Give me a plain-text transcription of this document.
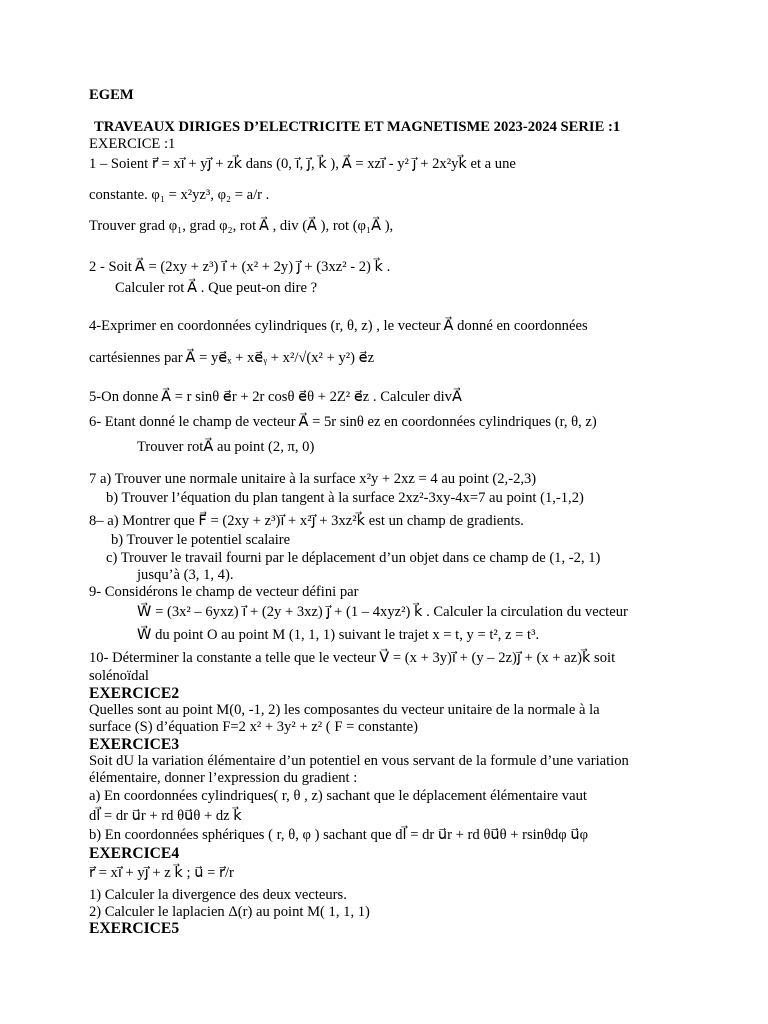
EGEM
TRAVEAUX DIRIGES D’ELECTRICITE ET MAGNETISME 2023-2024 SERIE :1
EXERCICE :1
1 – Soient r⃗ = xi⃗ + yj⃗ + zk⃗ dans (0, i⃗, j⃗, k⃗ ), A⃗ = xzi⃗ - y² j⃗ + 2x²yk⃗ et a une
constante. φ₁ = x²yz³, φ₂ = a/r .
Trouver grad φ₁, grad φ₂, rot A⃗ , div (A⃗ ), rot (φ₁A⃗ ),
2 - Soit A⃗ = (2xy + z³) i⃗ + (x² + 2y) j⃗ + (3xz² - 2) k⃗ .
Calculer rot A⃗ . Que peut-on dire ?
4-Exprimer en coordonnées cylindriques (r, θ, z) , le vecteur A⃗ donné en coordonnées
cartésiennes par A⃗ = ye⃗ₓ + xe⃗ᵧ + x²/√(x² + y²) e⃗z
5-On donne A⃗ = r sinθ e⃗r + 2r cosθ e⃗θ + 2Z² e⃗z . Calculer divA⃗
6- Etant donné le champ de vecteur A⃗ = 5r sinθ ez en coordonnées cylindriques (r, θ, z)
Trouver rotA⃗ au point (2, π, 0)
7 a) Trouver une normale unitaire à la surface x²y + 2xz = 4 au point (2,-2,3)
b) Trouver l’équation du plan tangent à la surface 2xz²-3xy-4x=7 au point (1,-1,2)
8– a) Montrer que F⃗ = (2xy + z³)i⃗ + x²j⃗ + 3xz²k⃗ est un champ de gradients.
b) Trouver le potentiel scalaire
c) Trouver le travail fourni par le déplacement d’un objet dans ce champ de (1, -2, 1)
jusqu’à (3, 1, 4).
9- Considérons le champ de vecteur défini par
W⃗ = (3x² – 6yxz) i⃗ + (2y + 3xz) j⃗ + (1 – 4xyz²) k⃗ . Calculer la circulation du vecteur
W⃗ du point O au point M (1, 1, 1) suivant le trajet x = t, y = t², z = t³.
10- Déterminer la constante a telle que le vecteur V⃗ = (x + 3y)i⃗ + (y – 2z)j⃗ + (x + az)k⃗ soit
solénoïdal
EXERCICE2
Quelles sont au point M(0, -1, 2) les composantes du vecteur unitaire de la normale à la
surface (S) d’équation F=2 x² + 3y² + z² ( F = constante)
EXERCICE3
Soit dU la variation élémentaire d’un potentiel en vous servant de la formule d’une variation
élémentaire, donner l’expression du gradient :
a) En coordonnées cylindriques( r, θ , z) sachant que le déplacement élémentaire vaut
dl⃗ = dr u⃗r + rd θu⃗θ + dz k⃗
b) En coordonnées sphériques ( r, θ, φ ) sachant que dl⃗ = dr u⃗r + rd θu⃗θ + rsinθdφ u⃗φ
EXERCICE4
r⃗ = xi⃗ + yj⃗ + z k⃗ ; u⃗ = r⃗/r
1) Calculer la divergence des deux vecteurs.
2) Calculer le laplacien Δ(r) au point M( 1, 1, 1)
EXERCICE5
